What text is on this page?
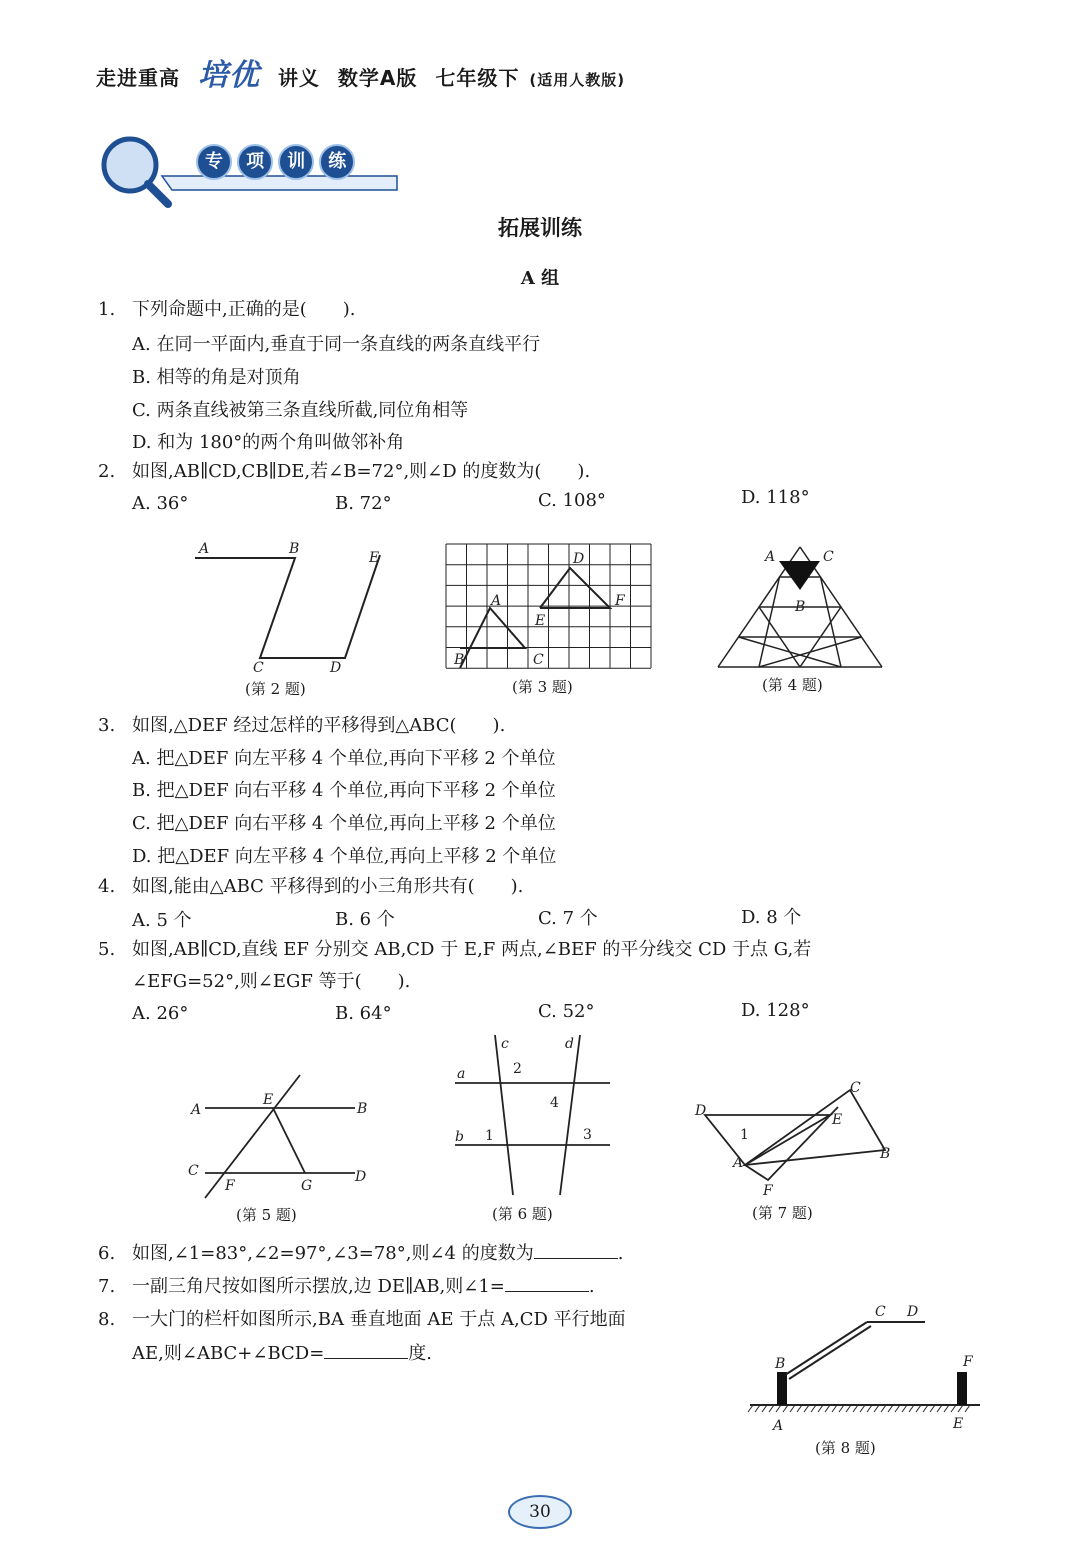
走进重高 培优 讲义 数学A版 七年级下 (适用人教版)
专 项 训 练
拓展训练
A 组
1. 下列命题中,正确的是(　　).
A. 在同一平面内,垂直于同一条直线的两条直线平行
B. 相等的角是对顶角
C. 两条直线被第三条直线所截,同位角相等
D. 和为 180°的两个角叫做邻补角
2. 如图,AB∥CD,CB∥DE,若∠B=72°,则∠D 的度数为(　　).
A. 36°	B. 72°	C. 108°	D. 118°
A	B
C	D
E
(第 2 题)
B
A
C
D
E
F
(第 3 题)
A	C
B
(第 4 题)
3. 如图,△DEF 经过怎样的平移得到△ABC(　　).
A. 把△DEF 向左平移 4 个单位,再向下平移 2 个单位
B. 把△DEF 向右平移 4 个单位,再向下平移 2 个单位
C. 把△DEF 向右平移 4 个单位,再向上平移 2 个单位
D. 把△DEF 向左平移 4 个单位,再向上平移 2 个单位
4. 如图,能由△ABC 平移得到的小三角形共有(　　).
A. 5 个	B. 6 个	C. 7 个	D. 8 个
5. 如图,AB∥CD,直线 EF 分别交 AB,CD 于 E,F 两点,∠BEF 的平分线交 CD 于点 G,若
∠EFG=52°,则∠EGF 等于(　　).
A. 26°	B. 64°	C. 52°	D. 128°
A	B
E
C
F	G
D
(第 5 题)
a
b
c	d
2
4
1	3
(第 6 题)
D
C
E
A
B
F
1
(第 7 题)
6. 如图,∠1=83°,∠2=97°,∠3=78°,则∠4 的度数为	.
7. 一副三角尺按如图所示摆放,边 DE∥AB,则∠1=	.
8. 一大门的栏杆如图所示,BA 垂直地面 AE 于点 A,CD 平行地面
AE,则∠ABC+∠BCD=	度.
C D
B	F
A	E
(第 8 题)
30
